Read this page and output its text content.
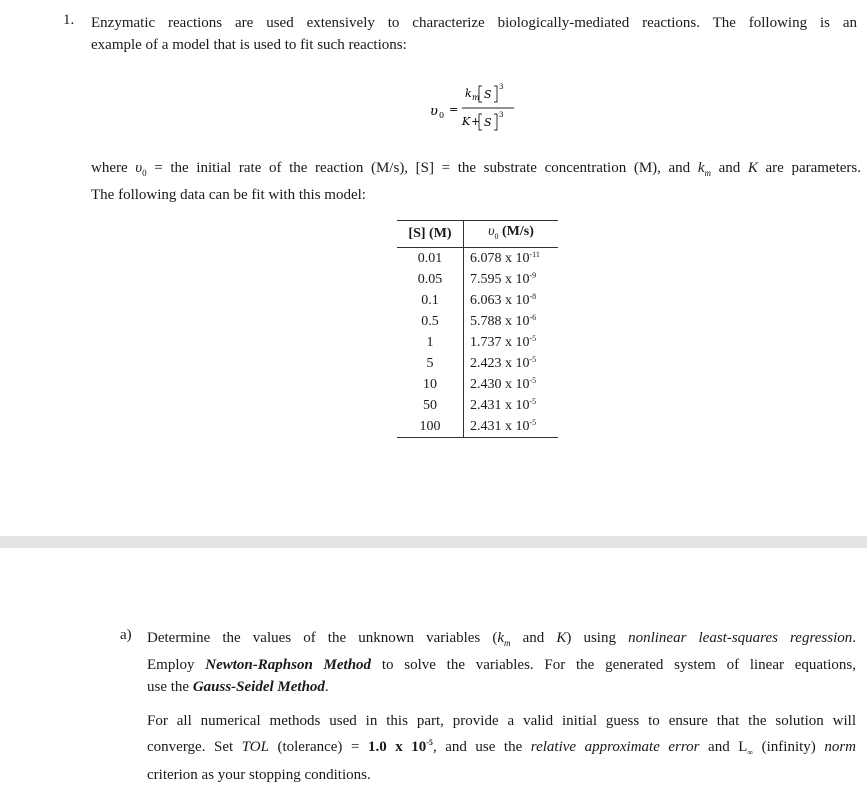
1. Enzymatic reactions are used extensively to characterize biologically-mediated reactions. The following is an
example of a model that is used to fit such reactions:
υ 0 =
k m S
3
K + S
3
where $\upsilon_0$ = the initial rate of the reaction (M/s), [S] = the substrate concentration (M), and $k_m$ and K are parameters.
The following data can be fit with this model:
[S] (M)	$\upsilon_0$ (M/s)
0.01	6.078 x $10^{-11}$
0.05	7.595 x $10^{-9}$
0.1	6.063 x $10^{-8}$
0.5	5.788 x $10^{-6}$
1	1.737 x $10^{-5}$
5	2.423 x $10^{-5}$
10	2.430 x $10^{-5}$
50	2.431 x $10^{-5}$
100	2.431 x $10^{-5}$
a) Determine the values of the unknown variables ($k_m$ and K) using nonlinear least-squares regression.
Employ Newton-Raphson Method to solve the variables. For the generated system of linear equations,
use the Gauss-Seidel Method.
For all numerical methods used in this part, provide a valid initial guess to ensure that the solution will
converge. Set TOL (tolerance) = 1.0 x $10^{-5}$, and use the relative approximate error and $L_\infty$ (infinity) norm
criterion as your stopping conditions.
